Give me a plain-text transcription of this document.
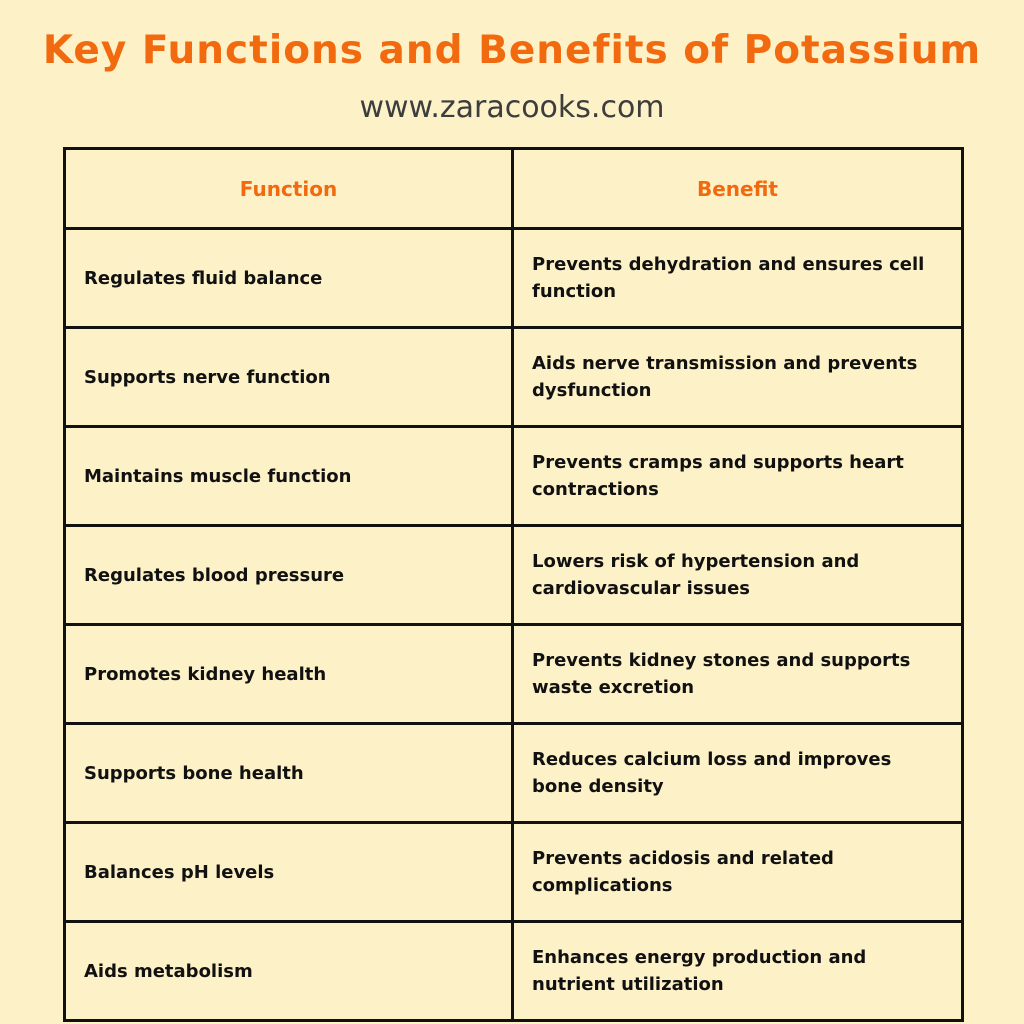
Key Functions and Benefits of Potassium
www.zaracooks.com
Function	Benefit
Regulates fluid balance	Prevents dehydration and ensures cell function
Supports nerve function	Aids nerve transmission and prevents dysfunction
Maintains muscle function	Prevents cramps and supports heart contractions
Regulates blood pressure	Lowers risk of hypertension and cardiovascular issues
Promotes kidney health	Prevents kidney stones and supports waste excretion
Supports bone health	Reduces calcium loss and improves bone density
Balances pH levels	Prevents acidosis and related complications
Aids metabolism	Enhances energy production and nutrient utilization
